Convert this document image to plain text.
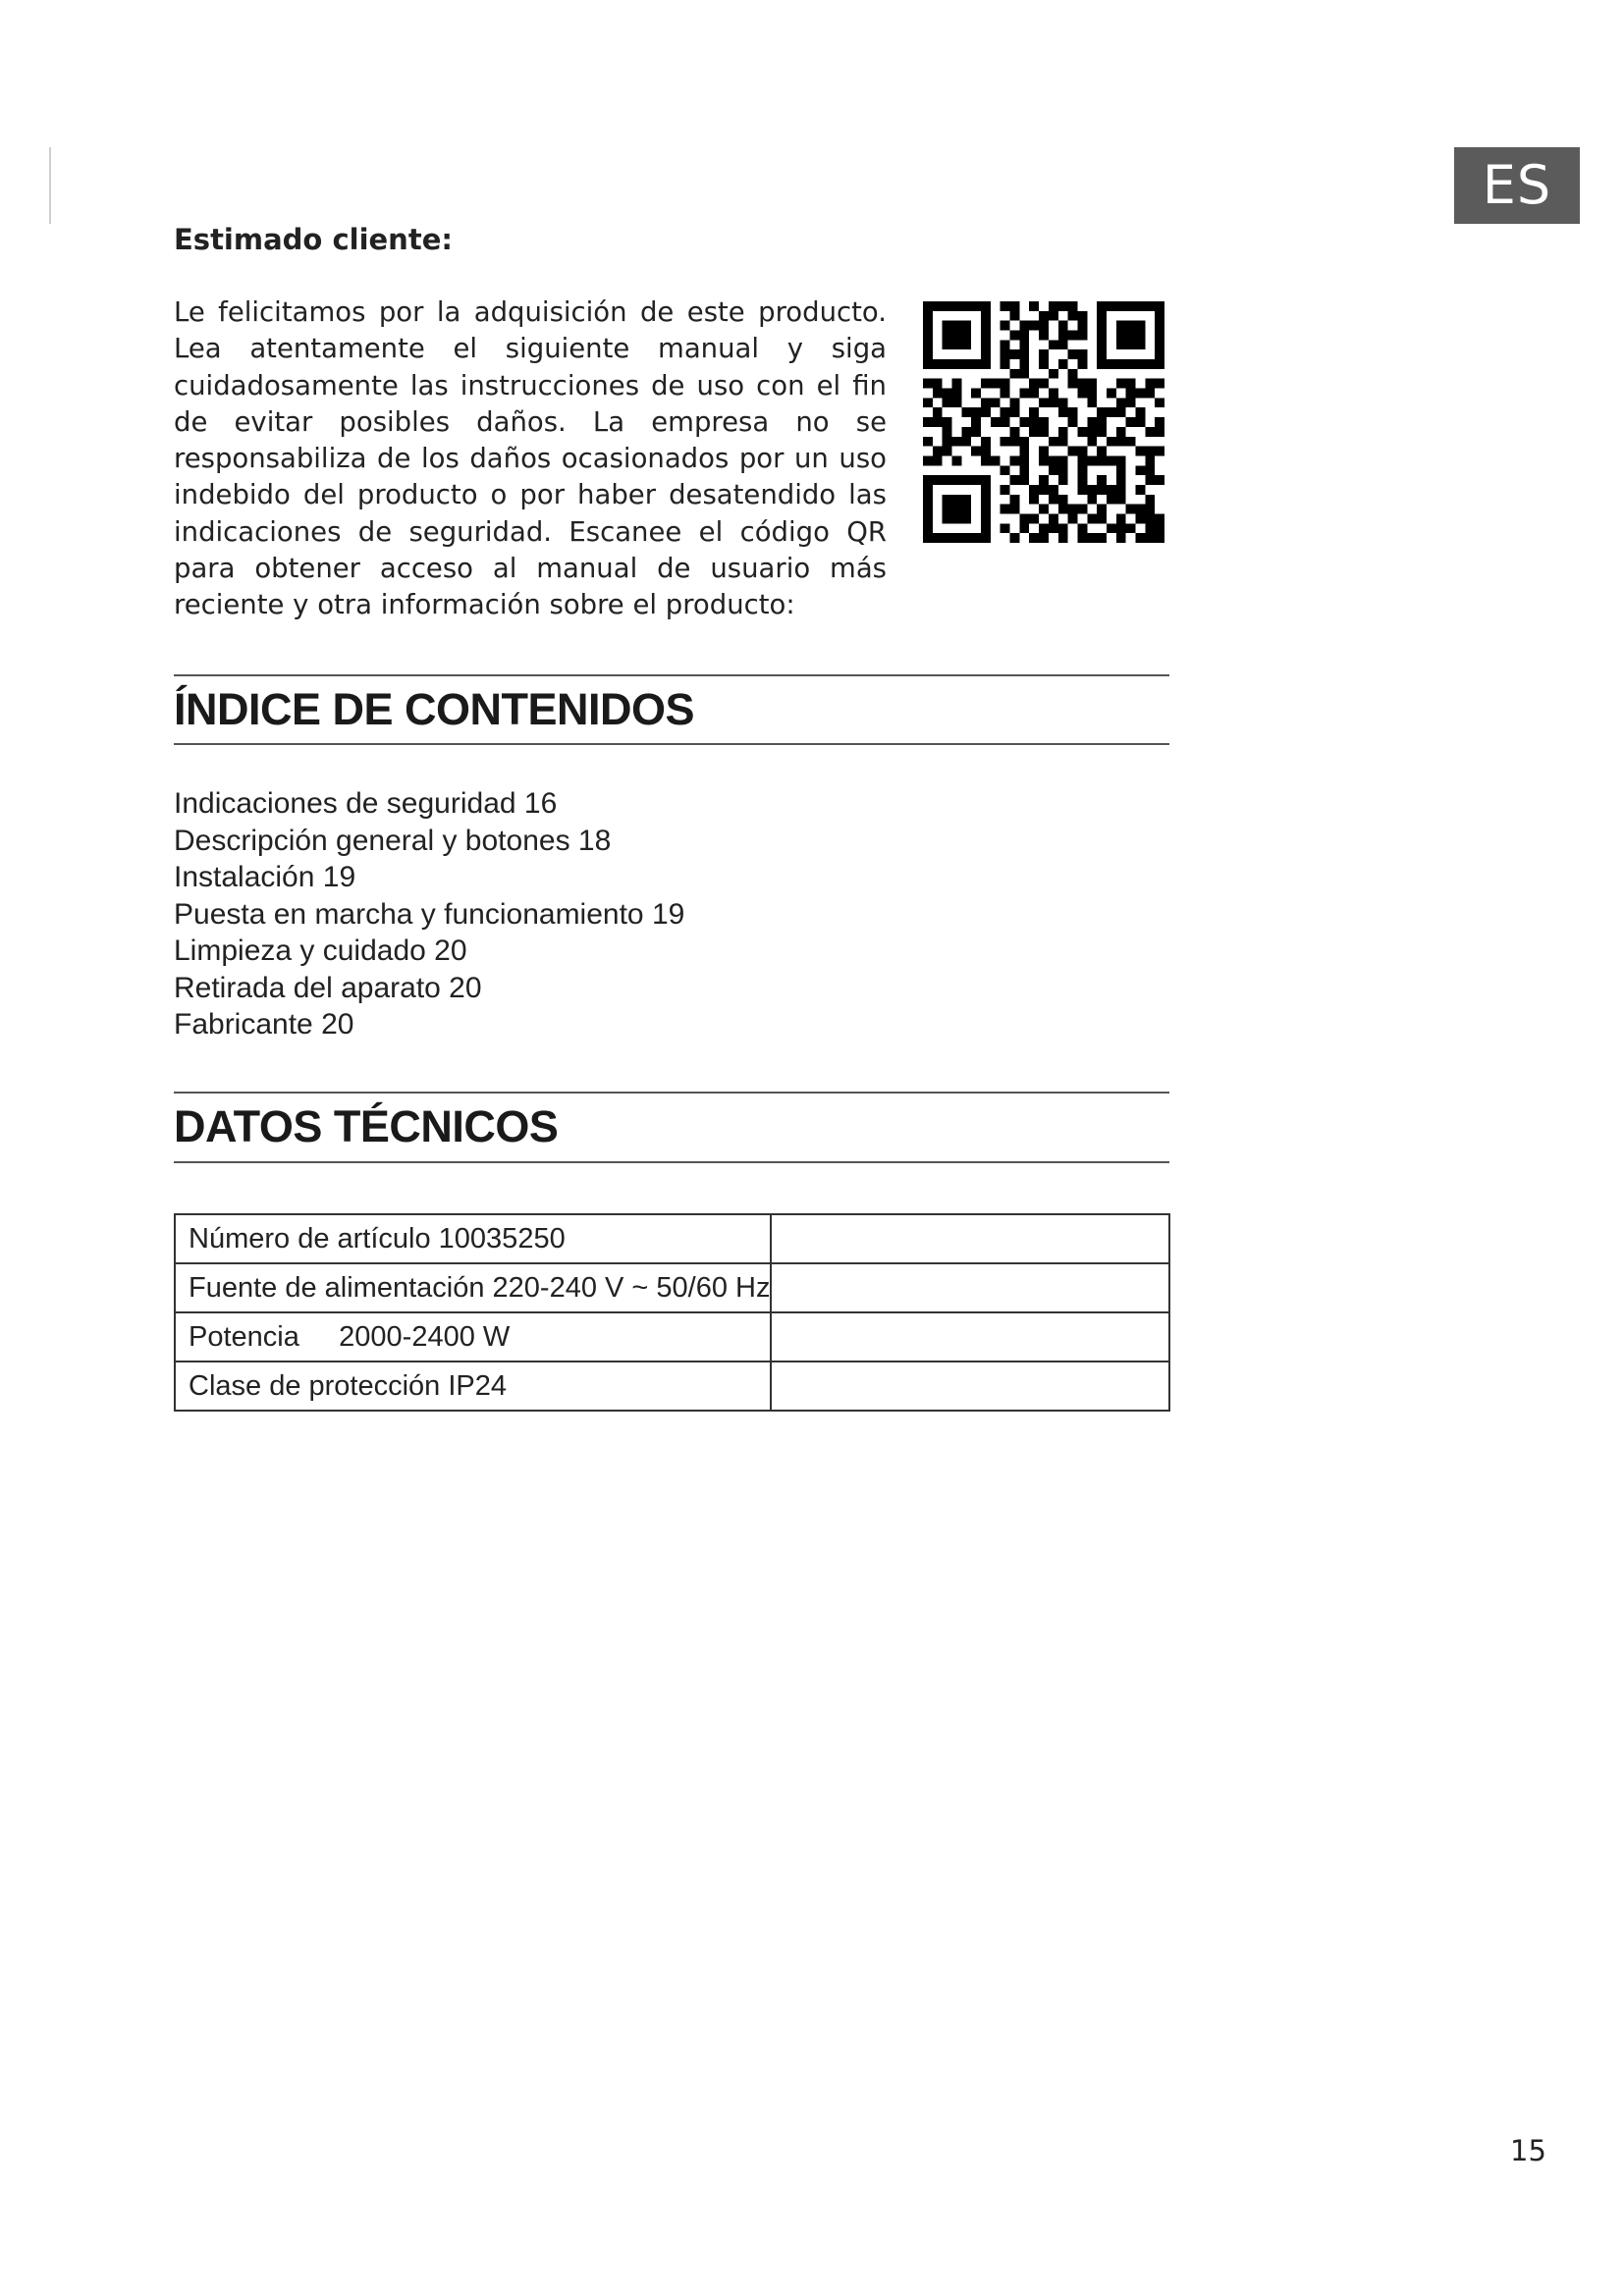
ES
Estimado cliente:

Le felicitamos por la adquisición de este producto. Lea atentamente el siguiente manual y siga cuidadosamente las instrucciones de uso con el fin de evitar posibles daños. La empresa no se responsabiliza de los daños ocasionados por un uso indebido del producto o por haber desatendido las indicaciones de seguridad. Escanee el código QR para obtener acceso al manual de usuario más reciente y otra información sobre el producto:

ÍNDICE DE CONTENIDOS
Indicaciones de seguridad 16
Descripción general y botones 18
Instalación 19
Puesta en marcha y funcionamiento 19
Limpieza y cuidado 20
Retirada del aparato 20
Fabricante 20
DATOS TÉCNICOS
Número de artículo 10035250	
Fuente de alimentación 220-240 V ~ 50/60 Hz	
Potencia     2000-2400 W	
Clase de protección IP24	
15
